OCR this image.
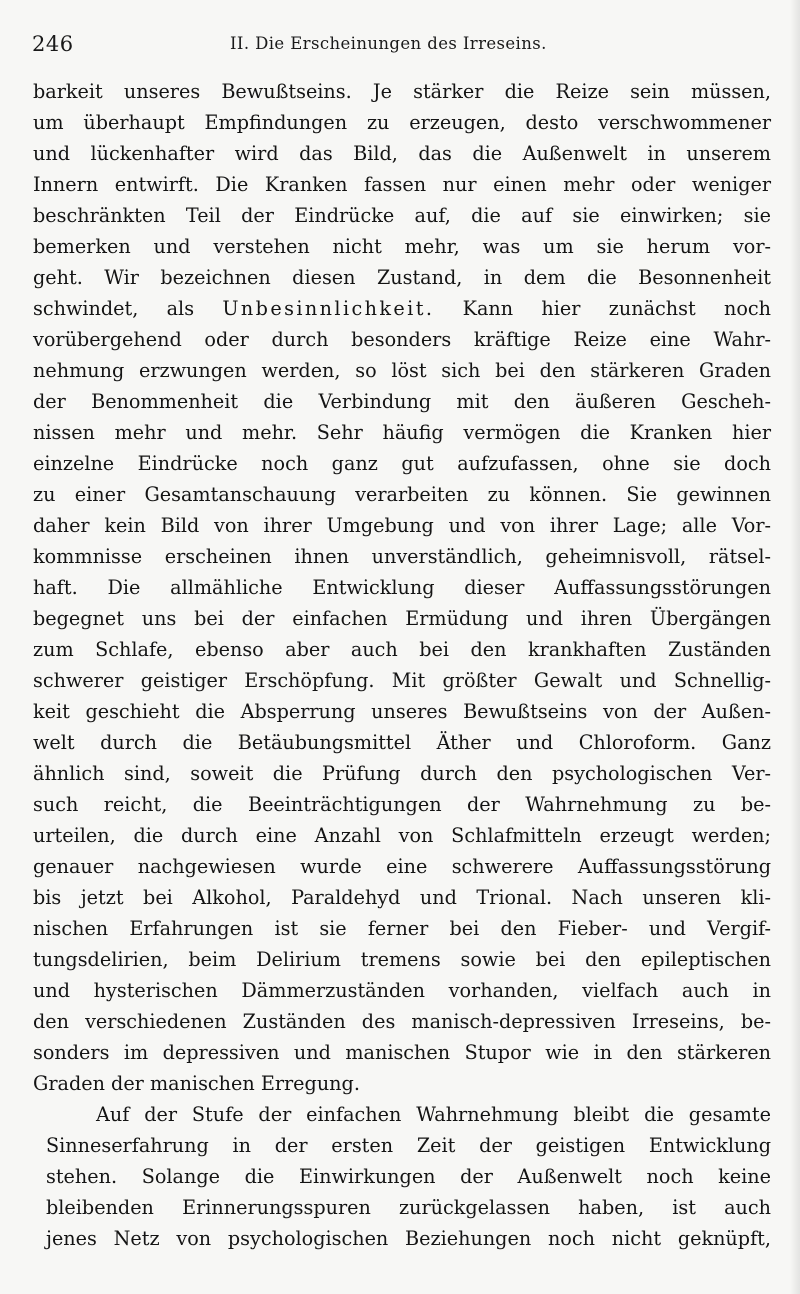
246	II. Die Erscheinungen des Irreseins.
barkeit unseres Bewußtseins. Je stärker die Reize sein müssen,
um überhaupt Empfindungen zu erzeugen, desto verschwommener
und lückenhafter wird das Bild, das die Außenwelt in unserem
Innern entwirft. Die Kranken fassen nur einen mehr oder weniger
beschränkten Teil der Eindrücke auf, die auf sie einwirken; sie
bemerken und verstehen nicht mehr, was um sie herum vor-
geht. Wir bezeichnen diesen Zustand, in dem die Besonnenheit
schwindet, als Unbesinnlichkeit. Kann hier zunächst noch
vorübergehend oder durch besonders kräftige Reize eine Wahr-
nehmung erzwungen werden, so löst sich bei den stärkeren Graden
der Benommenheit die Verbindung mit den äußeren Gescheh-
nissen mehr und mehr. Sehr häufig vermögen die Kranken hier
einzelne Eindrücke noch ganz gut aufzufassen, ohne sie doch
zu einer Gesamtanschauung verarbeiten zu können. Sie gewinnen
daher kein Bild von ihrer Umgebung und von ihrer Lage; alle Vor-
kommnisse erscheinen ihnen unverständlich, geheimnisvoll, rätsel-
haft. Die allmähliche Entwicklung dieser Auffassungsstörungen
begegnet uns bei der einfachen Ermüdung und ihren Übergängen
zum Schlafe, ebenso aber auch bei den krankhaften Zuständen
schwerer geistiger Erschöpfung. Mit größter Gewalt und Schnellig-
keit geschieht die Absperrung unseres Bewußtseins von der Außen-
welt durch die Betäubungsmittel Äther und Chloroform. Ganz
ähnlich sind, soweit die Prüfung durch den psychologischen Ver-
such reicht, die Beeinträchtigungen der Wahrnehmung zu be-
urteilen, die durch eine Anzahl von Schlafmitteln erzeugt werden;
genauer nachgewiesen wurde eine schwerere Auffassungsstörung
bis jetzt bei Alkohol, Paraldehyd und Trional. Nach unseren kli-
nischen Erfahrungen ist sie ferner bei den Fieber- und Vergif-
tungsdelirien, beim Delirium tremens sowie bei den epileptischen
und hysterischen Dämmerzuständen vorhanden, vielfach auch in
den verschiedenen Zuständen des manisch-depressiven Irreseins, be-
sonders im depressiven und manischen Stupor wie in den stärkeren
Graden der manischen Erregung.
Auf der Stufe der einfachen Wahrnehmung bleibt die gesamte
Sinneserfahrung in der ersten Zeit der geistigen Entwicklung
stehen. Solange die Einwirkungen der Außenwelt noch keine
bleibenden Erinnerungsspuren zurückgelassen haben, ist auch
jenes Netz von psychologischen Beziehungen noch nicht geknüpft,
